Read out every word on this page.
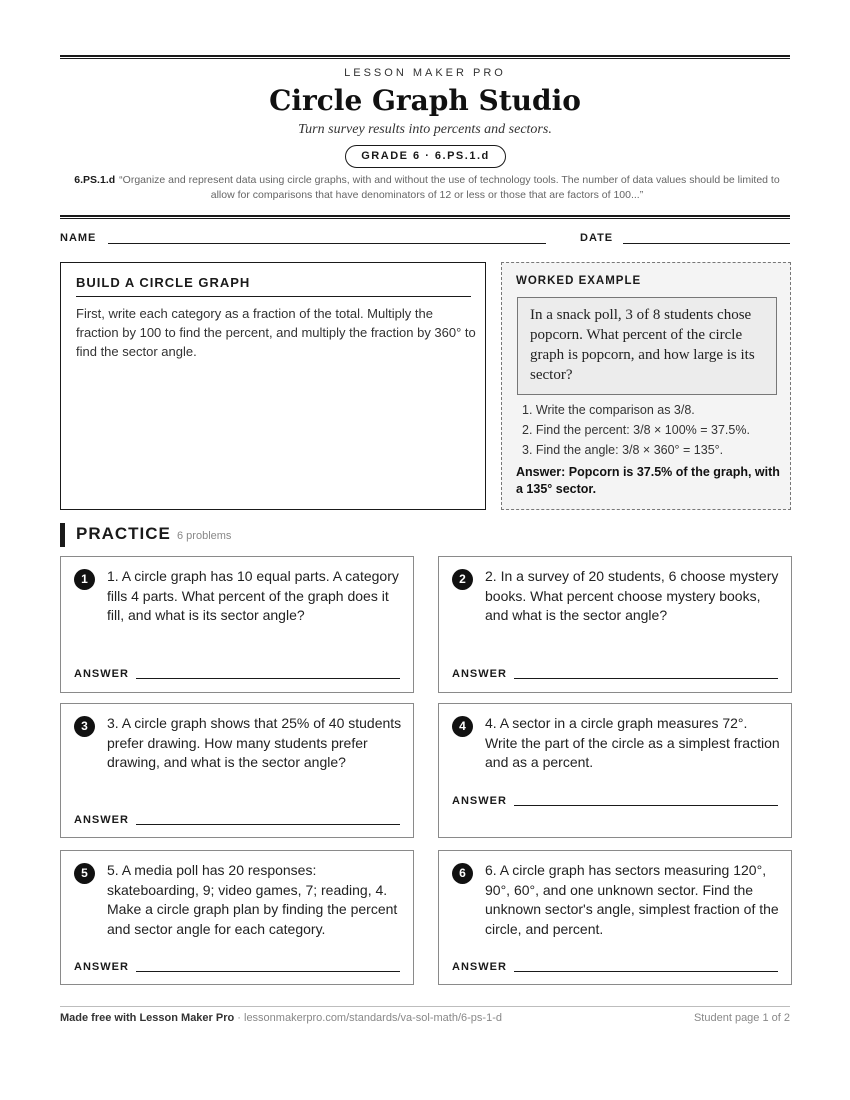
LESSON MAKER PRO
Circle Graph Studio
Turn survey results into percents and sectors.
GRADE 6 · 6.PS.1.d
6.PS.1.d “Organize and represent data using circle graphs, with and without the use of technology tools. The number of data values should be limited to allow for comparisons that have denominators of 12 or less or those that are factors of 100...”
NAME	DATE
BUILD A CIRCLE GRAPH
First, write each category as a fraction of the total. Multiply the fraction by 100 to find the percent, and multiply the fraction by 360° to find the sector angle.
WORKED EXAMPLE
In a snack poll, 3 of 8 students chose popcorn. What percent of the circle graph is popcorn, and how large is its sector?
1. Write the comparison as 3/8.
2. Find the percent: 3/8 × 100% = 37.5%.
3. Find the angle: 3/8 × 360° = 135°.
Answer: Popcorn is 37.5% of the graph, with a 135° sector.
PRACTICE 6 problems
1	1. A circle graph has 10 equal parts. A category fills 4 parts. What percent of the graph does it fill, and what is its sector angle?
ANSWER
2	2. In a survey of 20 students, 6 choose mystery books. What percent choose mystery books, and what is the sector angle?
ANSWER
3	3. A circle graph shows that 25% of 40 students prefer drawing. How many students prefer drawing, and what is the sector angle?
ANSWER
4	4. A sector in a circle graph measures 72°. Write the part of the circle as a simplest fraction and as a percent.
ANSWER
5	5. A media poll has 20 responses: skateboarding, 9; video games, 7; reading, 4. Make a circle graph plan by finding the percent and sector angle for each category.
ANSWER
6	6. A circle graph has sectors measuring 120°, 90°, 60°, and one unknown sector. Find the unknown sector's angle, simplest fraction of the circle, and percent.
ANSWER
Made free with Lesson Maker Pro · lessonmakerpro.com/standards/va-sol-math/6-ps-1-d	Student page 1 of 2
